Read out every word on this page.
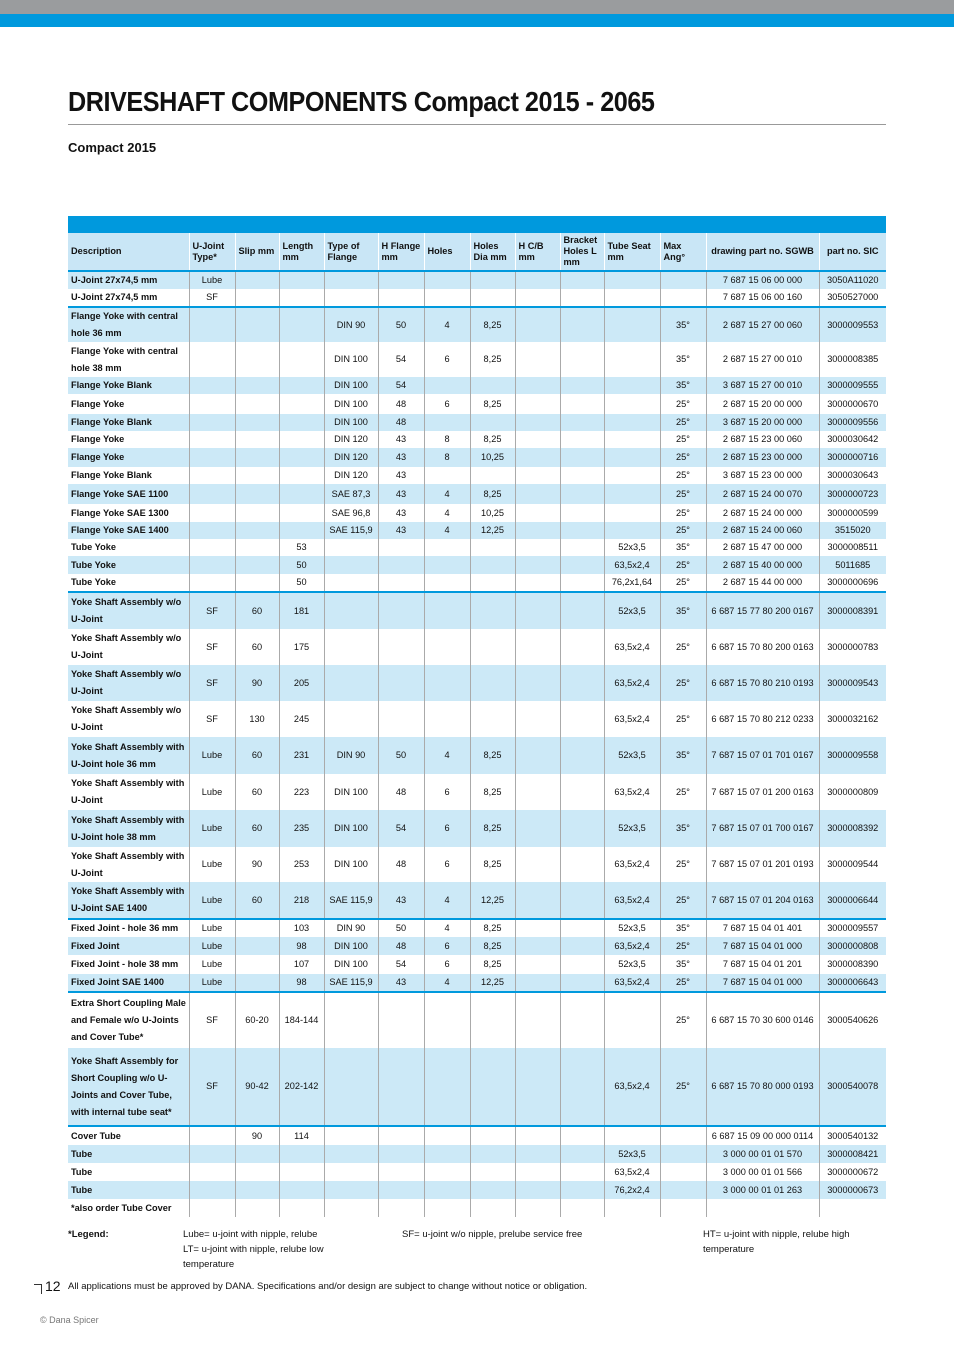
DRIVESHAFT COMPONENTS Compact 2015 - 2065
Compact 2015
Description	U-Joint Type*	Slip mm	Length mm	Type of Flange	H Flange mm	Holes	Holes Dia mm	H C/B mm	Bracket Holes L mm	Tube Seat mm	Max Ang°	drawing part no. SGWB	part no. SIC
U-Joint 27x74,5 mm	Lube											7 687 15 06 00 000	3050A11020
U-Joint 27x74,5 mm	SF											7 687 15 06 00 160	3050527000
Flange Yoke with central hole 36 mm				DIN 90	50	4	8,25				35°	2 687 15 27 00 060	3000009553
Flange Yoke with central hole 38 mm				DIN 100	54	6	8,25				35°	2 687 15 27 00 010	3000008385
Flange Yoke Blank				DIN 100	54						35°	3 687 15 27 00 010	3000009555
Flange Yoke				DIN 100	48	6	8,25				25°	2 687 15 20 00 000	3000000670
Flange Yoke Blank				DIN 100	48						25°	3 687 15 20 00 000	3000009556
Flange Yoke				DIN 120	43	8	8,25				25°	2 687 15 23 00 060	3000030642
Flange Yoke				DIN 120	43	8	10,25				25°	2 687 15 23 00 000	3000000716
Flange Yoke Blank				DIN 120	43						25°	3 687 15 23 00 000	3000030643
Flange Yoke SAE 1100				SAE 87,3	43	4	8,25				25°	2 687 15 24 00 070	3000000723
Flange Yoke SAE 1300				SAE 96,8	43	4	10,25				25°	2 687 15 24 00 000	3000000599
Flange Yoke SAE 1400				SAE 115,9	43	4	12,25				25°	2 687 15 24 00 060	3515020
Tube Yoke			53							52x3,5	35°	2 687 15 47 00 000	3000008511
Tube Yoke			50							63,5x2,4	25°	2 687 15 40 00 000	5011685
Tube Yoke			50							76,2x1,64	25°	2 687 15 44 00 000	3000000696
Yoke Shaft Assembly w/o U-Joint	SF	60	181							52x3,5	35°	6 687 15 77 80 200 0167	3000008391
Yoke Shaft Assembly w/o U-Joint	SF	60	175							63,5x2,4	25°	6 687 15 70 80 200 0163	3000000783
Yoke Shaft Assembly w/o U-Joint	SF	90	205							63,5x2,4	25°	6 687 15 70 80 210 0193	3000009543
Yoke Shaft Assembly w/o U-Joint	SF	130	245							63,5x2,4	25°	6 687 15 70 80 212 0233	3000032162
Yoke Shaft Assembly with U-Joint hole 36 mm	Lube	60	231	DIN 90	50	4	8,25			52x3,5	35°	7 687 15 07 01 701 0167	3000009558
Yoke Shaft Assembly with U-Joint	Lube	60	223	DIN 100	48	6	8,25			63,5x2,4	25°	7 687 15 07 01 200 0163	3000000809
Yoke Shaft Assembly with U-Joint hole 38 mm	Lube	60	235	DIN 100	54	6	8,25			52x3,5	35°	7 687 15 07 01 700 0167	3000008392
Yoke Shaft Assembly with U-Joint	Lube	90	253	DIN 100	48	6	8,25			63,5x2,4	25°	7 687 15 07 01 201 0193	3000009544
Yoke Shaft Assembly with U-Joint SAE 1400	Lube	60	218	SAE 115,9	43	4	12,25			63,5x2,4	25°	7 687 15 07 01 204 0163	3000006644
Fixed Joint - hole 36 mm	Lube		103	DIN 90	50	4	8,25			52x3,5	35°	7 687 15 04 01 401	3000009557
Fixed Joint	Lube		98	DIN 100	48	6	8,25			63,5x2,4	25°	7 687 15 04 01 000	3000000808
Fixed Joint - hole 38 mm	Lube		107	DIN 100	54	6	8,25			52x3,5	35°	7 687 15 04 01 201	3000008390
Fixed Joint SAE 1400	Lube		98	SAE 115,9	43	4	12,25			63,5x2,4	25°	7 687 15 04 01 000	3000006643
Extra Short Coupling Male and Female w/o U-Joints and Cover Tube*	SF	60-20	184-144								25°	6 687 15 70 30 600 0146	3000540626
Yoke Shaft Assembly for Short Coupling w/o U-Joints and Cover Tube, with internal tube seat*	SF	90-42	202-142							63,5x2,4	25°	6 687 15 70 80 000 0193	3000540078
Cover Tube		90	114									6 687 15 09 00 000 0114	3000540132
Tube										52x3,5		3 000 00 01 01 570	3000008421
Tube										63,5x2,4		3 000 00 01 01 566	3000000672
Tube										76,2x2,4		3 000 00 01 01 263	3000000673
*also order Tube Cover													
*Legend:	Lube= u-joint with nipple, relube
LT= u-joint with nipple, relube low temperature
SF= u-joint w/o nipple, prelube service free	HT= u-joint with nipple, relube high temperature
12 All applications must be approved by DANA. Specifications and/or design are subject to change without notice or obligation.
© Dana Spicer
